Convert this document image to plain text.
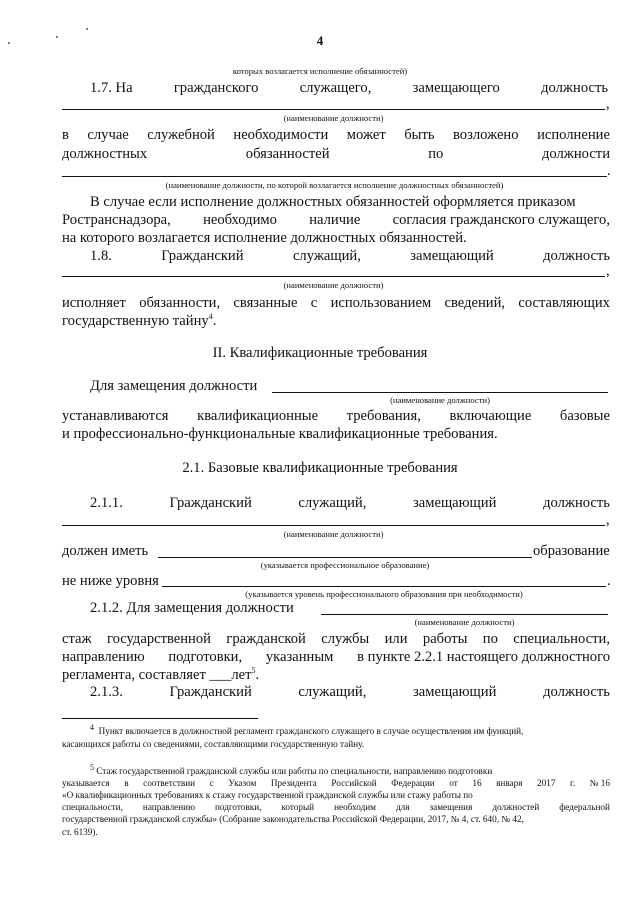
4
которых возлагается исполнение обязанностей)
1.7. На	гражданского	служащего,	замещающего	должность
,
(наименование должности)
в случае служебной необходимости может быть возложено исполнение
должностных	обязанностей	по	должности
.
(наименование должности, по которой возлагается исполнение должностных обязанностей)
В случае если исполнение должностных обязанностей оформляется приказом
Ространснадзора, необходимо наличие согласия гражданского служащего,
на которого возлагается исполнение должностных обязанностей.
1.8.	Гражданский	служащий,	замещающий	должность
,
(наименование должности)
исполняет обязанности, связанные с использованием сведений, составляющих
государственную тайну$^4$.
II. Квалификационные требования
Для замещения должности
(наименование должности)
устанавливаются квалификационные требования, включающие базовые
и профессионально-функциональные квалификационные требования.
2.1. Базовые квалификационные требования
2.1.1.	Гражданский	служащий,	замещающий	должность
,
(наименование должности)
должен иметь	образование
(указывается профессиональное образование)
не ниже уровня	.
(указывается уровень профессионального образования при необходимости)
2.1.2. Для замещения должности
(наименование должности)
стаж государственной гражданской службы или работы по специальности,
направлению подготовки, указанным в пункте 2.2.1 настоящего должностного
регламента, составляет ___лет$^5$.
2.1.3.	Гражданский	служащий,	замещающий	должность
$^4$ Пункт включается в должностной регламент гражданского служащего в случае осуществления им функций,
касающихся работы со сведениями, составляющими государственную тайну.
$^5$ Стаж государственной гражданской службы или работы по специальности, направлению подготовки
указывается в соответствии с Указом Президента Российской Федерации от 16 января 2017 г. № 16
«О квалификационных требованиях к стажу государственной гражданской службы или стажу работы по
специальности, направлению подготовки, который необходим для замещения должностей федеральной
государственной гражданской службы» (Собрание законодательства Российской Федерации, 2017, № 4, ст. 640, № 42,
ст. 6139).
